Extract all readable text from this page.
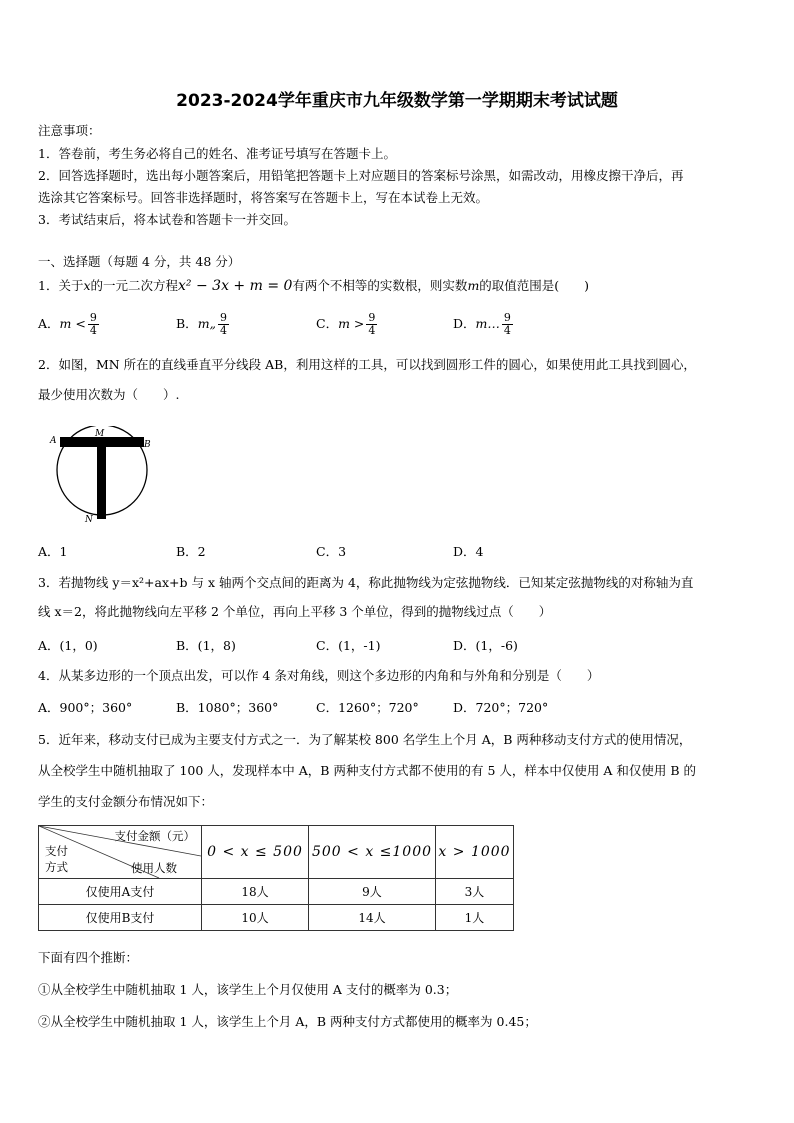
2023-2024学年重庆市九年级数学第一学期期末考试试题
注意事项：
1．答卷前，考生务必将自己的姓名、准考证号填写在答题卡上。
2．回答选择题时，选出每小题答案后，用铅笔把答题卡上对应题目的答案标号涂黑，如需改动，用橡皮擦干净后，再
选涂其它答案标号。回答非选择题时，将答案写在答题卡上，写在本试卷上无效。
3．考试结束后，将本试卷和答题卡一并交回。
一、选择题（每题 4 分，共 48 分）
1．关于x的一元二次方程x² − 3x + m = 0有两个不相等的实数根，则实数m的取值范围是(　　)
A．$m < \frac{9}{4}$	B．m„ $\frac{9}{4}$	C．$m > \frac{9}{4}$	D．m… $\frac{9}{4}$
2．如图，MN 所在的直线垂直平分线段 AB，利用这样的工具，可以找到圆形工件的圆心，如果使用此工具找到圆心，
最少使用次数为（　　）.
A	B
M
N
A．1	B．2	C．3	D．4
3．若抛物线 y＝x²+ax+b 与 x 轴两个交点间的距离为 4，称此抛物线为定弦抛物线．已知某定弦抛物线的对称轴为直
线 x＝2，将此抛物线向左平移 2 个单位，再向上平移 3 个单位，得到的抛物线过点（　　）
A．(1，0)	B．(1，8)	C．(1，-1)	D．(1，-6)
4．从某多边形的一个顶点出发，可以作 4 条对角线，则这个多边形的内角和与外角和分别是（　　）
A．900°；360°	B．1080°；360°	C．1260°；720°	D．720°；720°
5．近年来，移动支付已成为主要支付方式之一．为了解某校 800 名学生上个月 A，B 两种移动支付方式的使用情况，
从全校学生中随机抽取了 100 人，发现样本中 A，B 两种支付方式都不使用的有 5 人，样本中仅使用 A 和仅使用 B 的
学生的支付金额分布情况如下：
支付金额（元）
支付
方式 使用人数	0 < x ≤ 500	500 < x ≤1000	x > 1000
仅使用A支付	18人	9人	3人
仅使用B支付	10人	14人	1人
下面有四个推断：
①从全校学生中随机抽取 1 人，该学生上个月仅使用 A 支付的概率为 0.3；
②从全校学生中随机抽取 1 人，该学生上个月 A，B 两种支付方式都使用的概率为 0.45；
